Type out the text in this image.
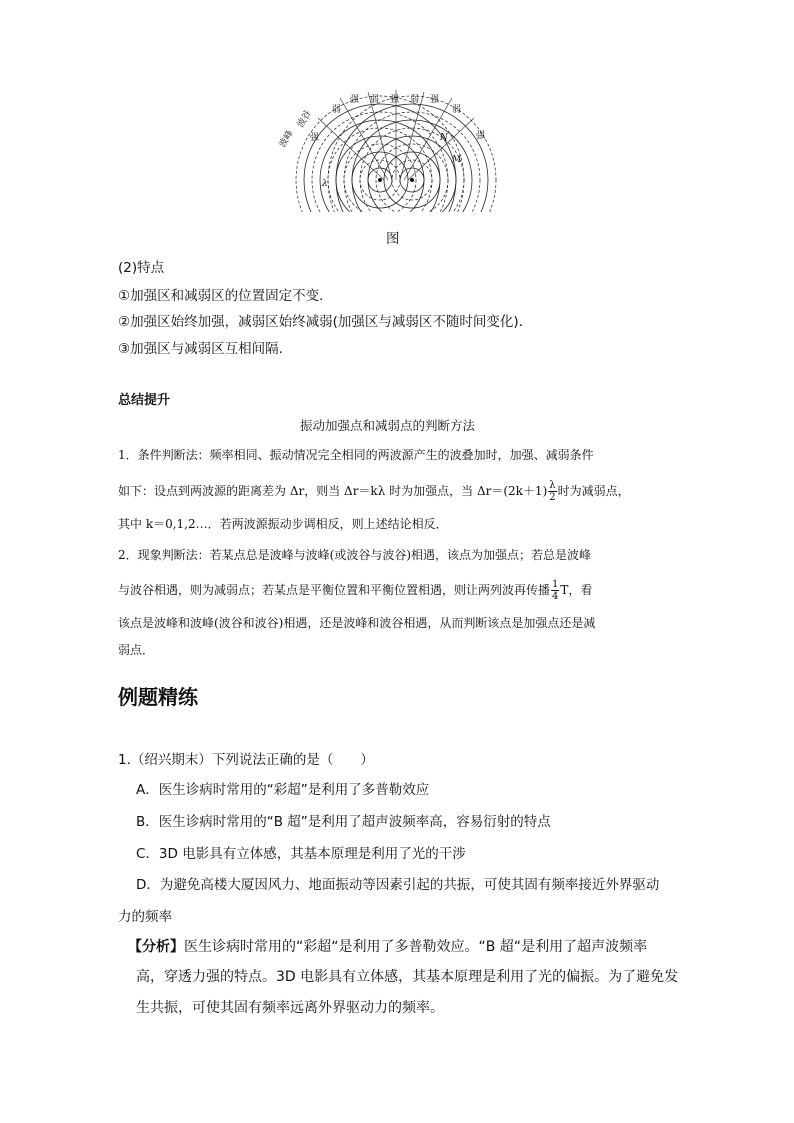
波峰
波谷
强
弱
强 弱 强 弱 强
弱
强
λ
M
N
图
(2)特点
①加强区和减弱区的位置固定不变．
②加强区始终加强，减弱区始终减弱(加强区与减弱区不随时间变化)．
③加强区与减弱区互相间隔．
总结提升
振动加强点和减弱点的判断方法
1．条件判断法：频率相同、振动情况完全相同的两波源产生的波叠加时，加强、减弱条件
如下：设点到两波源的距离差为 Δr，则当 Δr＝kλ 时为加强点，当 $\Delta r=(2k+1) \frac{\lambda}{2}$ 时为减弱点，
其中 k＝0,1,2…．若两波源振动步调相反，则上述结论相反．
2．现象判断法：若某点总是波峰与波峰(或波谷与波谷)相遇，该点为加强点；若总是波峰
与波谷相遇，则为减弱点；若某点是平衡位置和平衡位置相遇，则让两列波再传播 $\frac{1}{4}$ T，看
该点是波峰和波峰(波谷和波谷)相遇，还是波峰和波谷相遇，从而判断该点是加强点还是减
弱点．
例题精练
1.（绍兴期末）下列说法正确的是（　　）
A．医生诊病时常用的“彩超”是利用了多普勒效应
B．医生诊病时常用的“B 超”是利用了超声波频率高，容易衍射的特点
C．3D 电影具有立体感，其基本原理是利用了光的干涉
D．为避免高楼大厦因风力、地面振动等因素引起的共振，可使其固有频率接近外界驱动
力的频率
【分析】医生诊病时常用的“彩超“是利用了多普勒效应。“B 超“是利用了超声波频率
高，穿透力强的特点。3D 电影具有立体感，其基本原理是利用了光的偏振。为了避免发
生共振，可使其固有频率远离外界驱动力的频率。
